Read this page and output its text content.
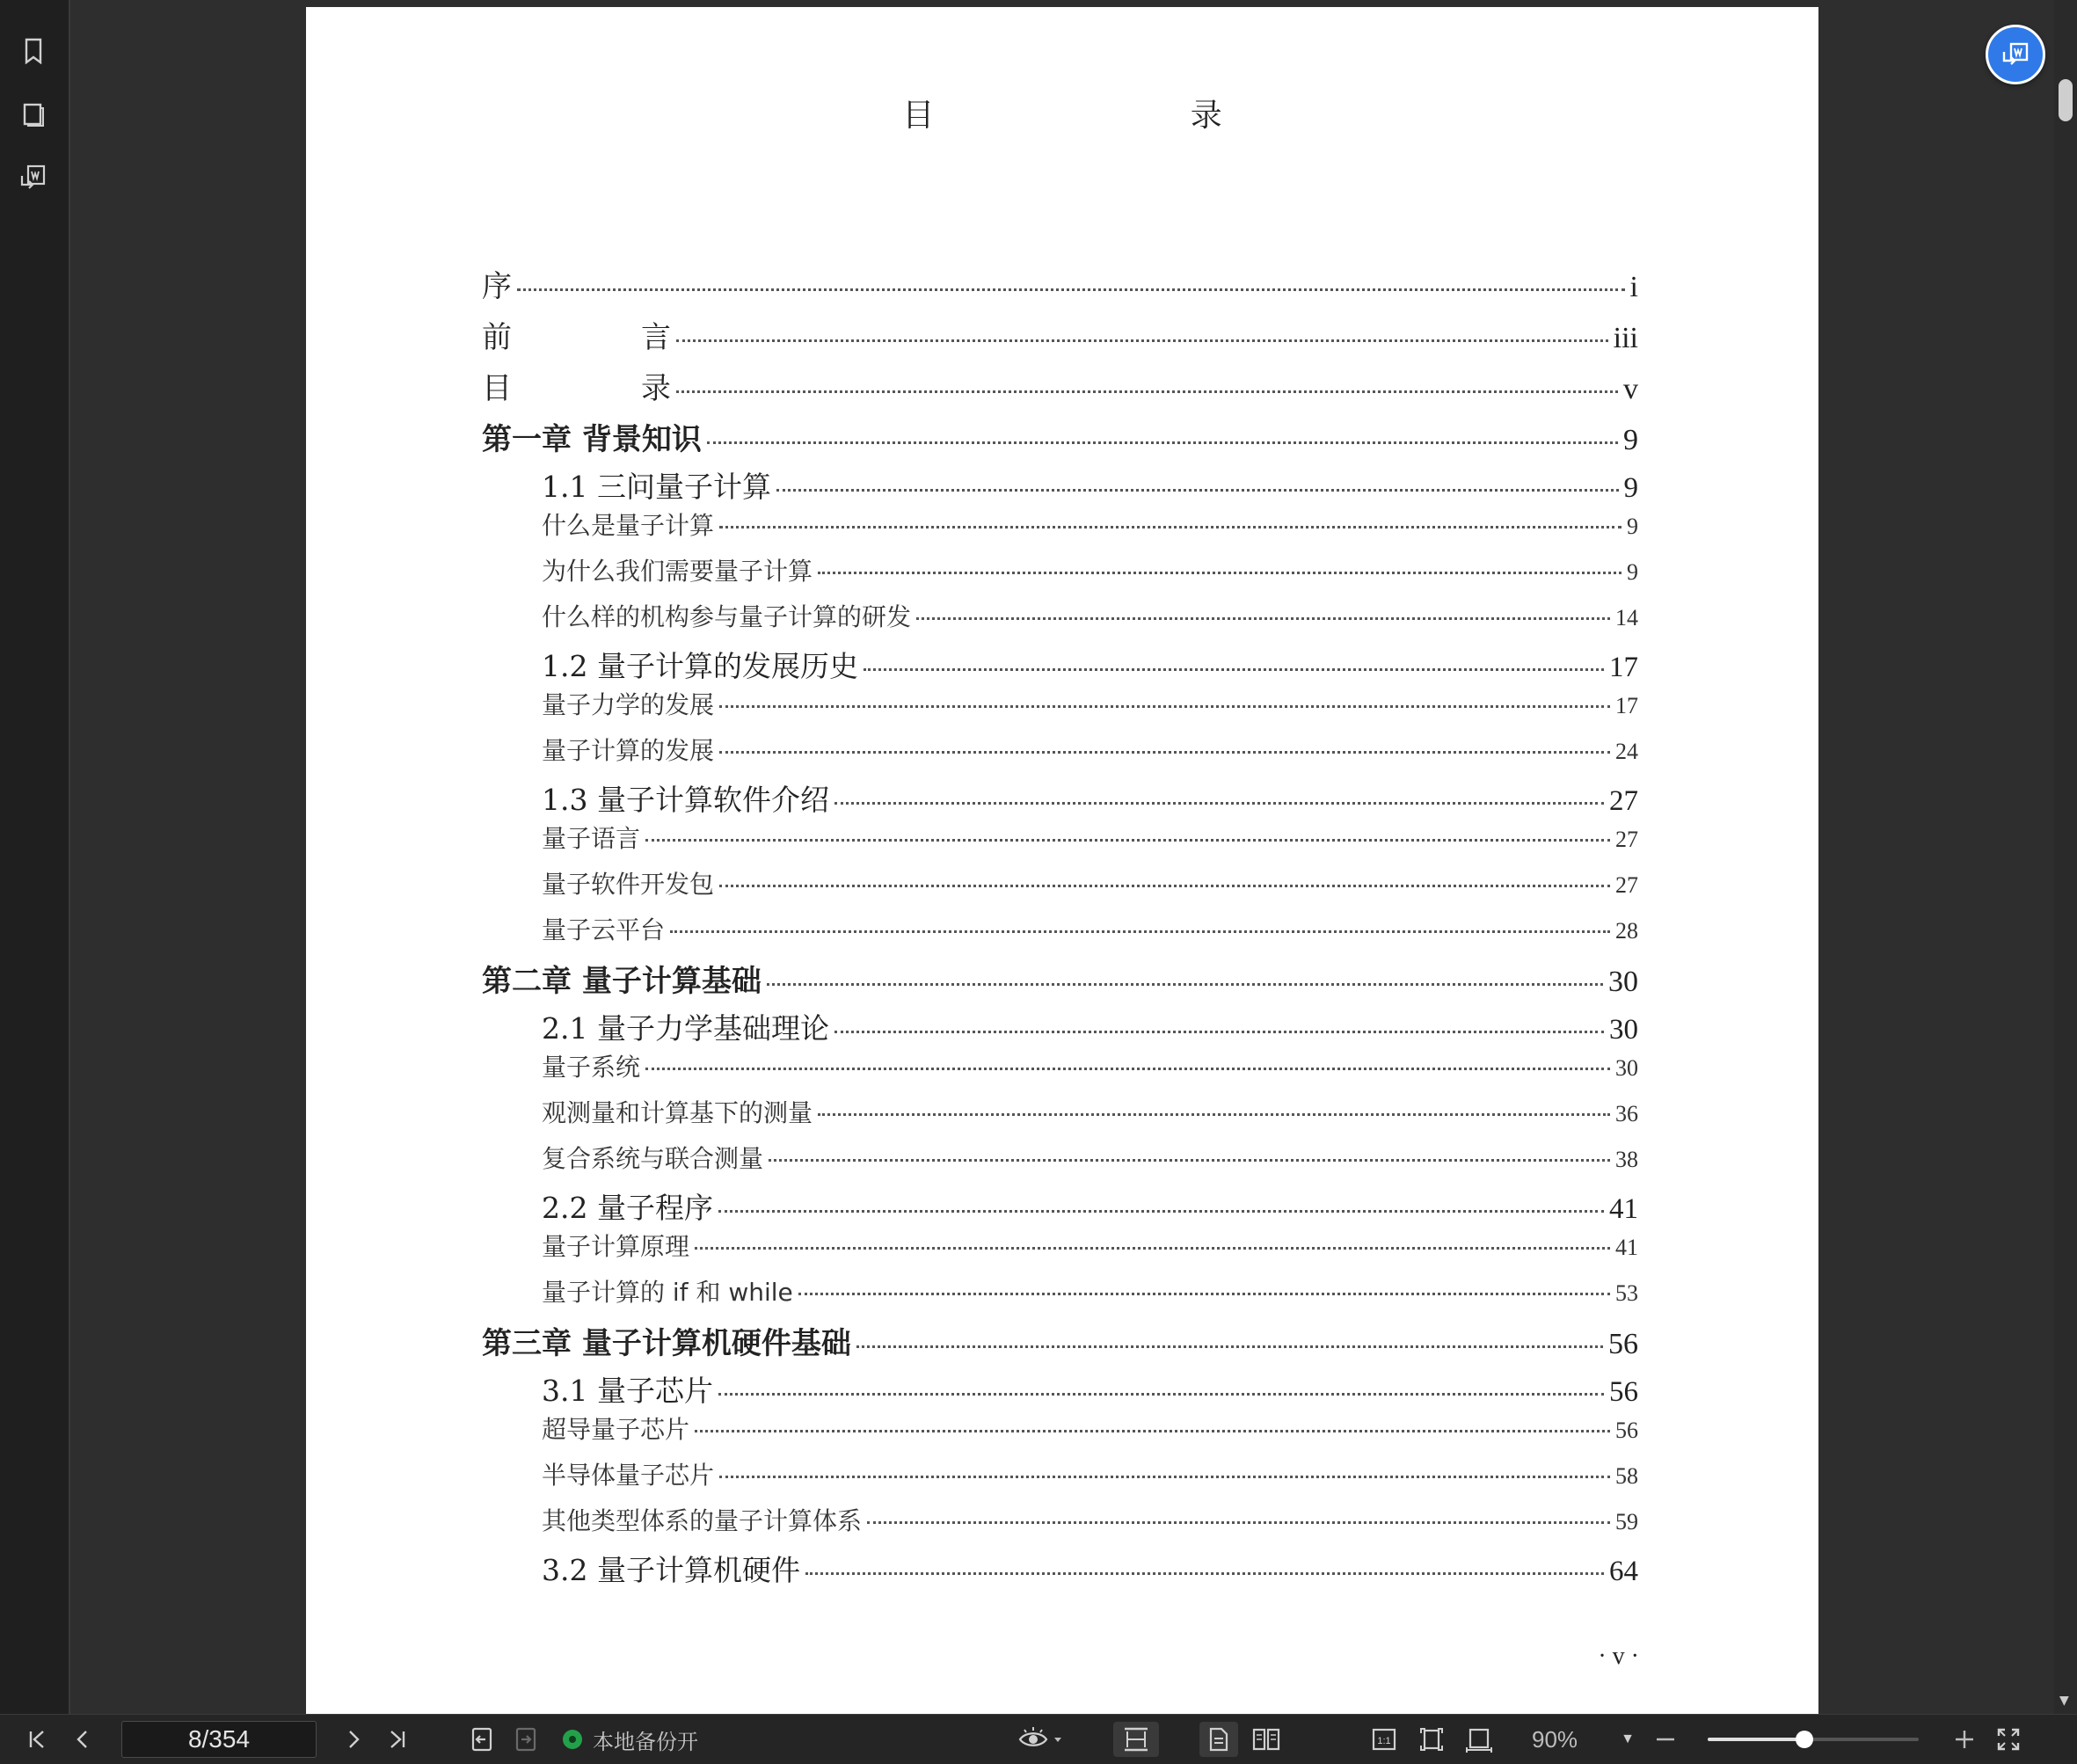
目 录
序	i
前	言	iii
目	录	v
第一章 背景知识	9
1.1 三问量子计算	9
什么是量子计算	9
为什么我们需要量子计算	9
什么样的机构参与量子计算的研发	14
1.2 量子计算的发展历史	17
量子力学的发展	17
量子计算的发展	24
1.3 量子计算软件介绍	27
量子语言	27
量子软件开发包	27
量子云平台	28
第二章 量子计算基础	30
2.1 量子力学基础理论	30
量子系统	30
观测量和计算基下的测量	36
复合系统与联合测量	38
2.2 量子程序	41
量子计算原理	41
量子计算的 if 和 while	53
第三章 量子计算机硬件基础	56
3.1 量子芯片	56
超导量子芯片	56
半导体量子芯片	58
其他类型体系的量子计算体系	59
3.2 量子计算机硬件	64
· v ·
▼
8/354
本地备份开	1:1	90%	▼
